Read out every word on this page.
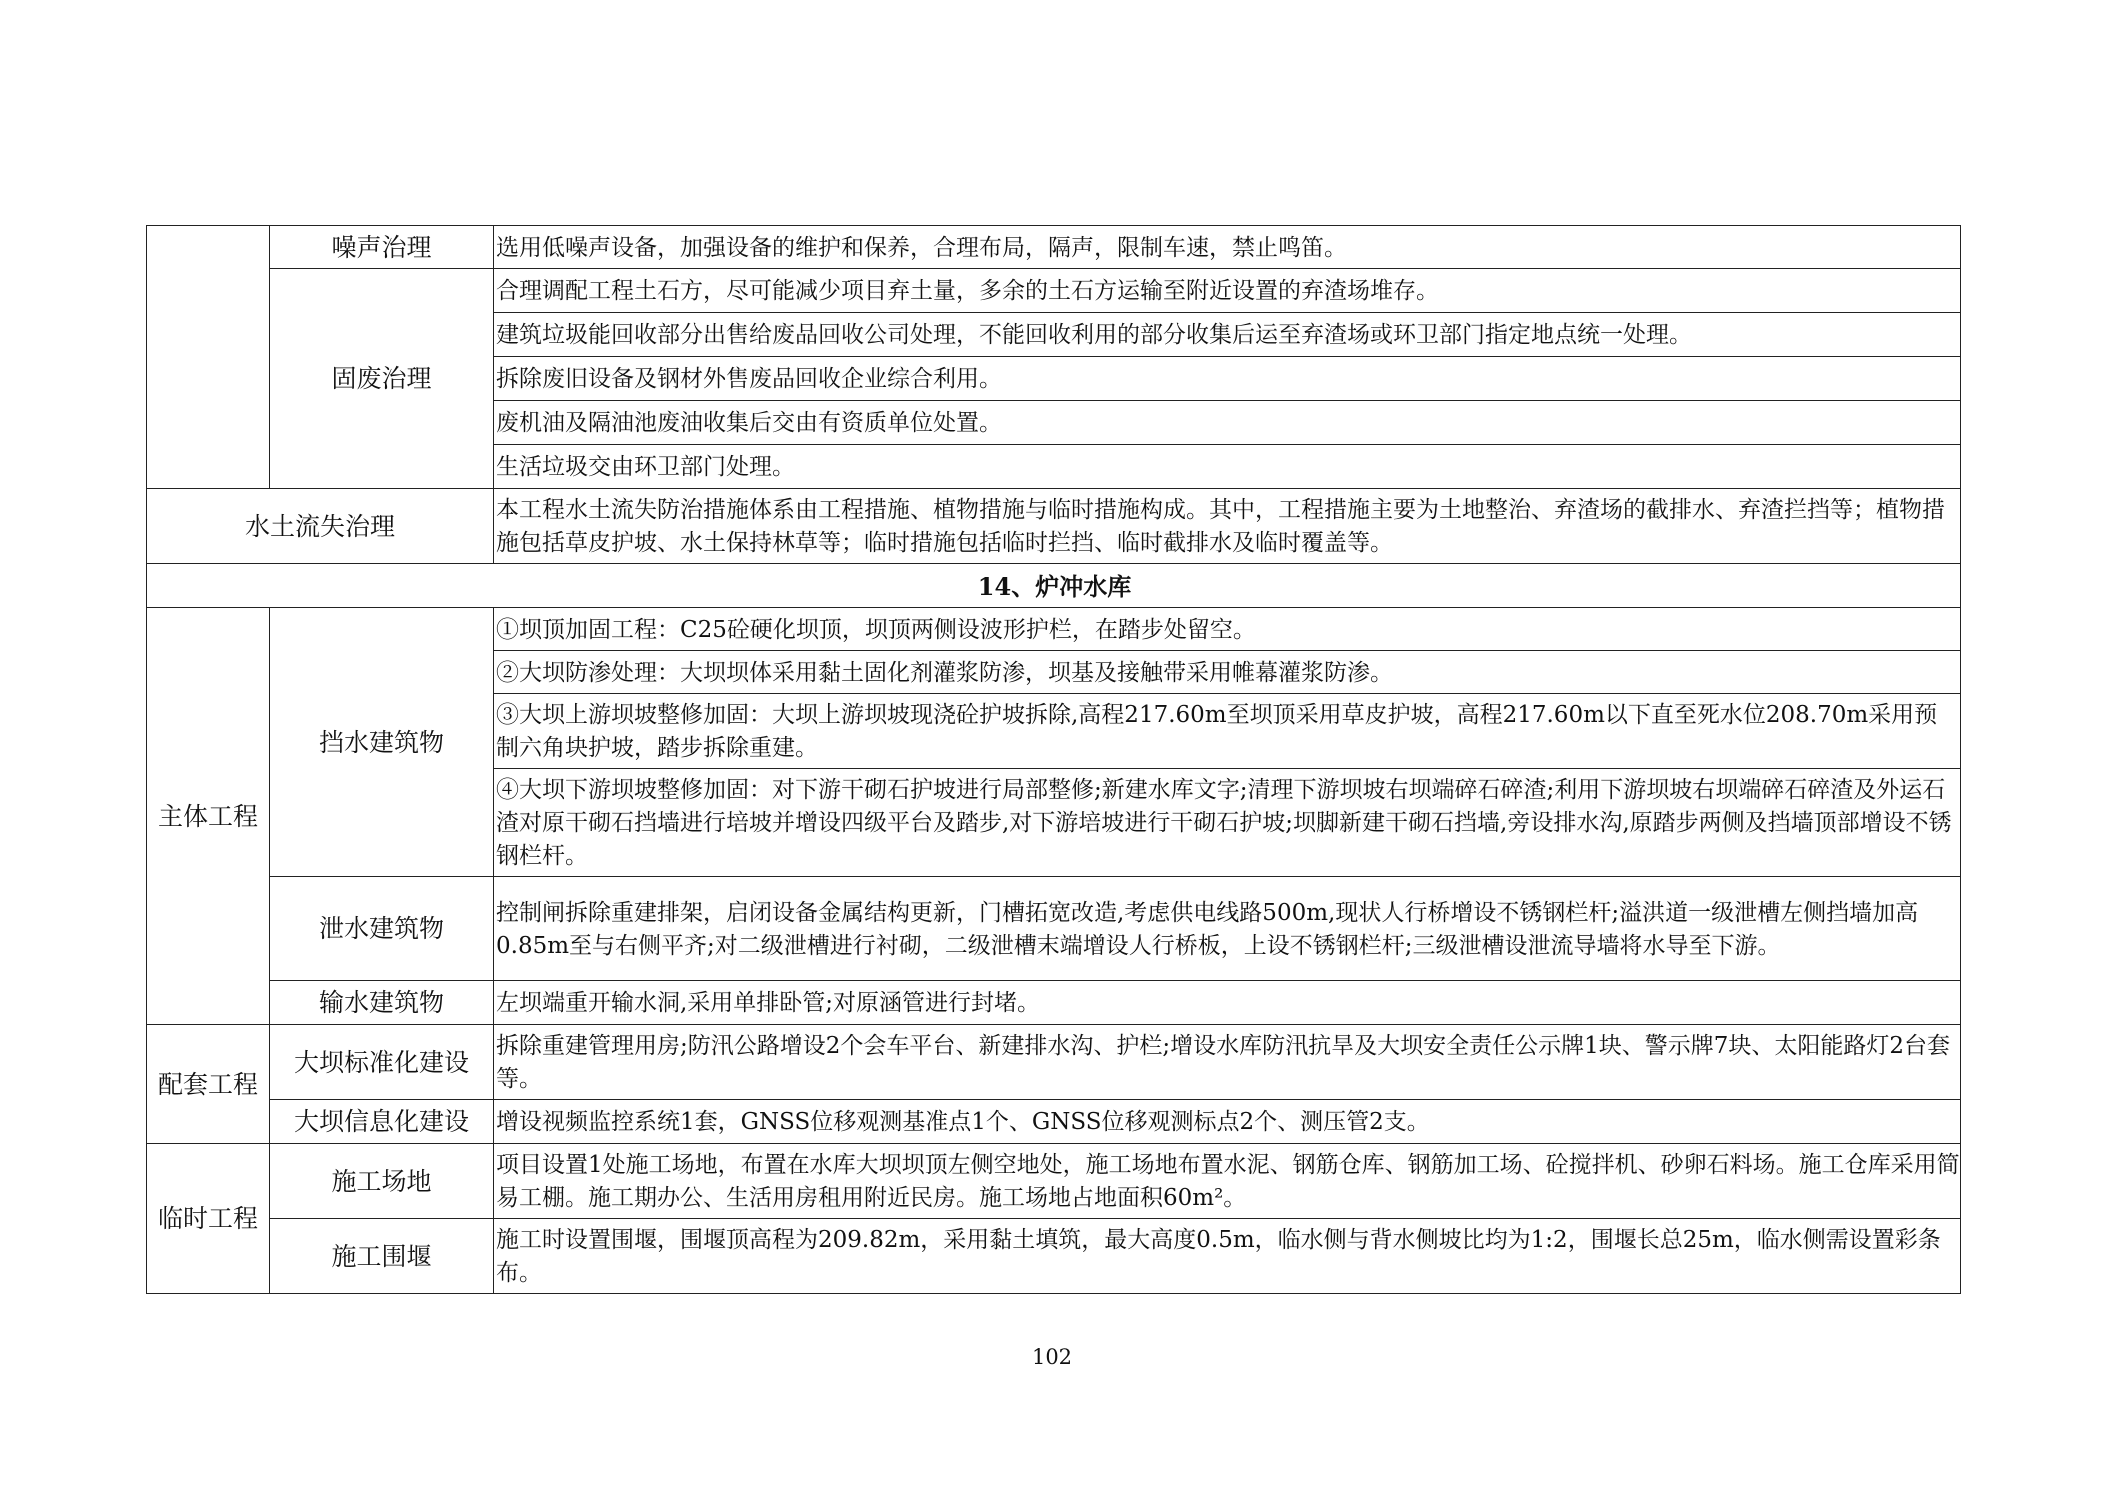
	噪声治理	选用低噪声设备，加强设备的维护和保养，合理布局，隔声，限制车速，禁止鸣笛。
	固废治理	合理调配工程土石方，尽可能减少项目弃土量，多余的土石方运输至附近设置的弃渣场堆存。
		建筑垃圾能回收部分出售给废品回收公司处理，不能回收利用的部分收集后运至弃渣场或环卫部门指定地点统一处理。
		拆除废旧设备及钢材外售废品回收企业综合利用。
		废机油及隔油池废油收集后交由有资质单位处置。
		生活垃圾交由环卫部门处理。
水土流失治理		本工程水土流失防治措施体系由工程措施、植物措施与临时措施构成。其中，工程措施主要为土地整治、弃渣场的截排水、弃渣拦挡等；植物措施包括草皮护坡、水土保持林草等；临时措施包括临时拦挡、临时截排水及临时覆盖等。
14、炉冲水库		
主体工程	挡水建筑物	①坝顶加固工程：C25砼硬化坝顶，坝顶两侧设波形护栏，在踏步处留空。
		②大坝防渗处理：大坝坝体采用黏土固化剂灌浆防渗，坝基及接触带采用帷幕灌浆防渗。
		③大坝上游坝坡整修加固：大坝上游坝坡现浇砼护坡拆除,高程217.60m至坝顶采用草皮护坡，高程217.60m以下直至死水位208.70m采用预制六角块护坡，踏步拆除重建。
		④大坝下游坝坡整修加固：对下游干砌石护坡进行局部整修;新建水库文字;清理下游坝坡右坝端碎石碎渣;利用下游坝坡右坝端碎石碎渣及外运石渣对原干砌石挡墙进行培坡并增设四级平台及踏步,对下游培坡进行干砌石护坡;坝脚新建干砌石挡墙,旁设排水沟,原踏步两侧及挡墙顶部增设不锈钢栏杆。
	泄水建筑物	控制闸拆除重建排架，启闭设备金属结构更新，门槽拓宽改造,考虑供电线路500m,现状人行桥增设不锈钢栏杆;溢洪道一级泄槽左侧挡墙加高0.85m至与右侧平齐;对二级泄槽进行衬砌，二级泄槽末端增设人行桥板，上设不锈钢栏杆;三级泄槽设泄流导墙将水导至下游。
	输水建筑物	左坝端重开输水洞,采用单排卧管;对原涵管进行封堵。
配套工程	大坝标准化建设	拆除重建管理用房;防汛公路增设2个会车平台、新建排水沟、护栏;增设水库防汛抗旱及大坝安全责任公示牌1块、警示牌7块、太阳能路灯2台套等。
	大坝信息化建设	增设视频监控系统1套，GNSS位移观测基准点1个、GNSS位移观测标点2个、测压管2支。
临时工程	施工场地	项目设置1处施工场地，布置在水库大坝坝顶左侧空地处，施工场地布置水泥、钢筋仓库、钢筋加工场、砼搅拌机、砂卵石料场。施工仓库采用简易工棚。施工期办公、生活用房租用附近民房。施工场地占地面积60m²。
	施工围堰	施工时设置围堰，围堰顶高程为209.82m，采用黏土填筑，最大高度0.5m，临水侧与背水侧坡比均为1:2，围堰长总25m，临水侧需设置彩条布。
102
